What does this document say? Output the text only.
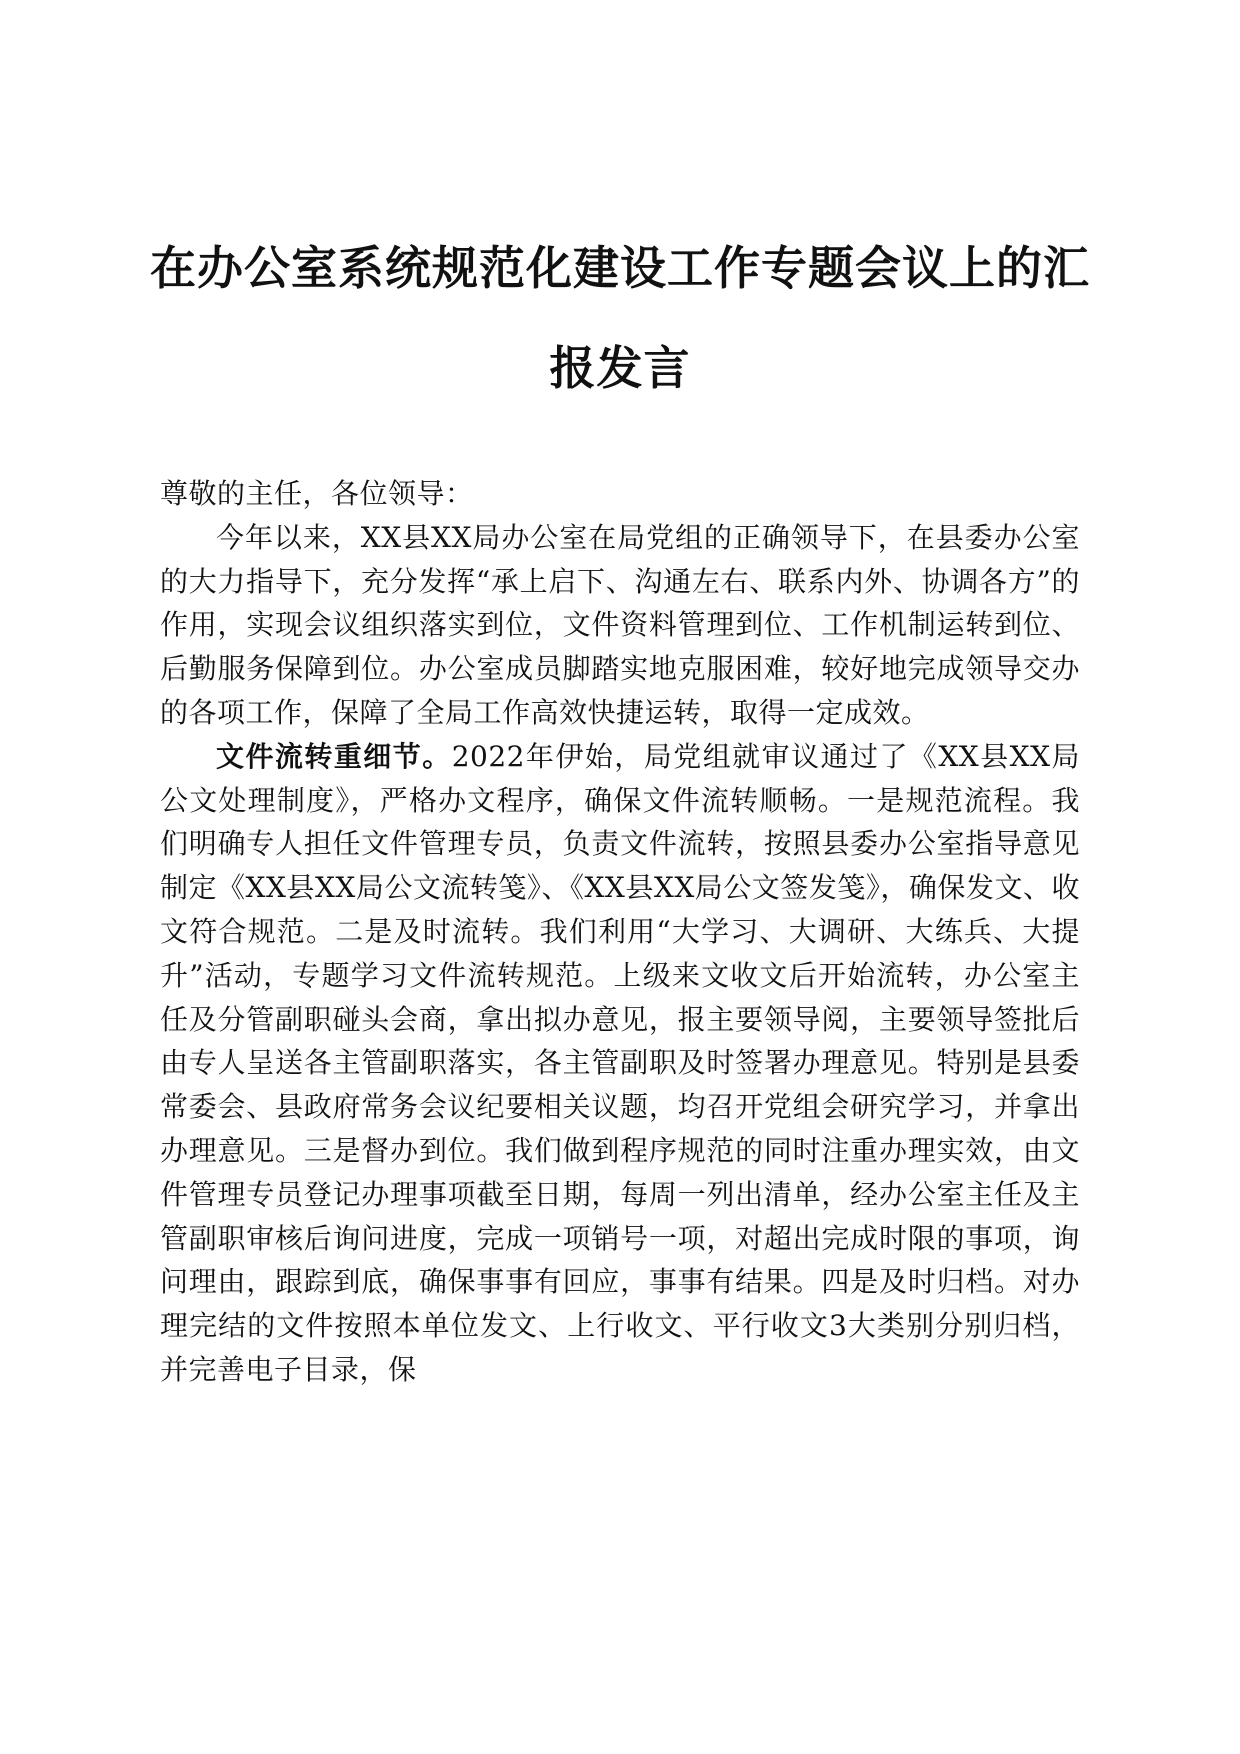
在办公室系统规范化建设工作专题会议上的汇报发言

尊敬的主任，各位领导：

今年以来，XX县XX局办公室在局党组的正确领导下，在县委办公室的大力指导下，充分发挥“承上启下、沟通左右、联系内外、协调各方”的作用，实现会议组织落实到位，文件资料管理到位、工作机制运转到位、后勤服务保障到位。办公室成员脚踏实地克服困难，较好地完成领导交办的各项工作，保障了全局工作高效快捷运转，取得一定成效。

文件流转重细节。2022年伊始，局党组就审议通过了《XX县XX局公文处理制度》，严格办文程序，确保文件流转顺畅。一是规范流程。我们明确专人担任文件管理专员，负责文件流转，按照县委办公室指导意见制定《XX县XX局公文流转笺》、《XX县XX局公文签发笺》，确保发文、收文符合规范。二是及时流转。我们利用“大学习、大调研、大练兵、大提升”活动，专题学习文件流转规范。上级来文收文后开始流转，办公室主任及分管副职碰头会商，拿出拟办意见，报主要领导阅，主要领导签批后由专人呈送各主管副职落实，各主管副职及时签署办理意见。特别是县委常委会、县政府常务会议纪要相关议题，均召开党组会研究学习，并拿出办理意见。三是督办到位。我们做到程序规范的同时注重办理实效，由文件管理专员登记办理事项截至日期，每周一列出清单，经办公室主任及主管副职审核后询问进度，完成一项销号一项，对超出完成时限的事项，询问理由，跟踪到底，确保事事有回应，事事有结果。四是及时归档。对办理完结的文件按照本单位发文、上行收文、平行收文3大类别分别归档，并完善电子目录，保
